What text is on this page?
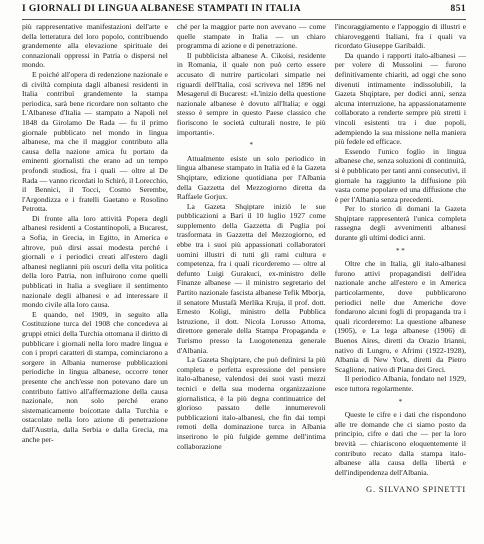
I GIORNALI DI LINGUA ALBANESE STAMPATI IN ITALIA	851

più rappresentative manifestazioni dell'arte e della letteratura del loro popolo, contribuendo grandemente alla elevazione spirituale dei connazionali oppressi in Patria o dispersi nel mondo.

E poiché all'opera di redenzione nazionale e di civiltà compiuta dagli albanesi residenti in Italia contribuì grandemente la stampa periodica, sarà bene ricordare non soltanto che L'Albanese d'Italia — stampato a Napoli nel 1848 da Girolamo De Rada — fu il primo giornale pubblicato nel mondo in lingua albanese, ma che il maggior contributo alla causa della nazione amica fu portato da eminenti giornalisti che erano ad un tempo profondi studiosi, fra i quali — oltre al De Rada — vanno ricordati lo Schirò, il Lorecchio, il Bennici, il Tocci, Cosmo Serembe, l'Argondizza e i fratelli Gaetano e Rosolino Petrotta.

Di fronte alla loro attività Popera degli albanesi residenti a Costantinopoli, a Bucarest, a Sofia, in Grecia, in Egitto, in America e altrove, può dirsi assai modesta perché i giornali e i periodici creati all'estero dagli albanesi neglianni più oscuri della vita politica della loro Patria, non influirono come quelli pubblicati in Italia a svegliare il sentimento nazionale degli albanesi e ad interessare il mondo civile alla loro causa.

E quando, nel 1909, in seguito alla Costituzione turca del 1908 che concedeva ai gruppi etnici della Turchia ottomana il diritto di pubblicare i giornali nella loro madre lingua e con i propri caratteri di stampa, cominciarono a sorgere in Albania numerose pubblicazioni periodiche in lingua albanese, occorre tener presente che anch'esse non potevano dare un contributo fattivo all'affermazione della causa nazionale, non solo perché erano sistematicamente boicottate dalla Turchia e ostacolate nella loro azione di penetrazione dall'Austria, dalla Serbia e dalla Grecia, ma anche per-

ché per la maggior parte non avevano — come quelle stampate in Italia — un chiaro programma di azione e di penetrazione.

Il pubblicista albanese A. Cikoisi, residente in Romania, il quale non può certo essere accusato di nutrire particolari simpatie nei riguardi dell'Italia, così scriveva nel 1896 nel Mesagerul di Bucarest: «L'inizio della questione nazionale albanese è dovuto all'Italia; e oggi stesso è sempre in questo Paese classico che fioriscono le società culturali nostre, le più importanti».

*

Attualmente esiste un solo periodico in lingua albanese stampato in Italia ed è la Gazeta Shqiptare, edizione quotidiana per l'Albania della Gazzetta del Mezzogiorno diretta da Raffaele Gorjux.

La Gazeta Shqiptare iniziò le sue pubblicazioni a Bari il 10 luglio 1927 come supplemento della Gazzetta di Puglia poi trasformata in Gazzetta del Mezzogiorno, ed ebbe tra i suoi più appassionati collaboratori uomini illustri di tutti gli rami cultura e competenza, fra i quali ricorderemo — oltre al defunto Luigi Gurakuci, ex-ministro delle Finanze albanese — il ministro segretario del Partito nazionale fascista albanese Tefik Mborja, il senatore Mustafà Merlika Kruja, il prof. dott. Ernesto Koligi, ministro della Pubblica Istruzione, il dott. Nicola Lorusso Attoma, direttore generale della Stampa Propaganda e Turismo presso la Luogotenenza generale d'Albania.

La Gazeta Shqiptare, che può definirsi la più completa e perfetta espressione del pensiere italo-albanese, valendosi dei suoi vasti mezzi tecnici e della sua moderna organizzazione giornalistica, è la più degna continuatrice del glorioso passato delle innumerevoli pubblicazioni italo-albanesi, che fin dai tempi remoti della dominazione turca in Albania inserirono le più fulgide gemme dell'intima collaborazione

l'incoraggiamento e l'appoggio di illustri e chiaroveggenti Italiani, fra i quali va ricordato Giuseppe Garibaldi.

Da quando i rapporti italo-albanesi — per volere di Mussolini — furono definitivamente chiariti, ad oggi che sono divenuti intimamente indissolubili, la Gazeta Shqiptare, per dodici anni, senza alcuna interruzione, ha appassionatamente collaborato a renderte sempre più stretti i vincoli esistenti tra i due popoli, adempiendo la sua missione nella maniera più fedele ed efficace.

Essendo l'unico foglio in lingua albanese che, senza soluzioni di continuità, si è pubblicato per tanti anni consecutivi, il giornale ha raggiunto la diffusione più vasta come popolare ed una diffusione che è per l'Albania senza precedenti.

Per lo storico di domani la Gazeta Shqiptare rappresenterà l'unica completa rassegna degli avvenimenti albanesi durante gli ultimi dodici anni.

* *

Oltre che in Italia, gli italo-albanesi furono attivi propagandisti dell'idea nazionale anche all'estero e in America particolarmente, dove pubblicarono periodici nelle due Americhe dove fondarono alcuni fogli di propaganda tra i quali ricorderemo: La questione albanese (1905), e La lega albanese (1906) di Buenos Aires, diretti da Orazio Irianni, nativo di Lungro, e Afrimi (1922-1928), Albania di New York, diretti da Pietro Scaglione, nativo di Piana dei Greci.

Il periodico Albania, fondato nel 1929, esce tuttora regolarmente.

*

Queste le cifre e i dati che rispondono alle tre domande che ci siamo posto da principio, cifre e dati che — per la loro brevità — chiariscono eloquentemente il contributo recato dalla stampa italo-albanese alla causa della libertà e dell'indipendenza dell'Albania.

G. SILVANO SPINETTI
